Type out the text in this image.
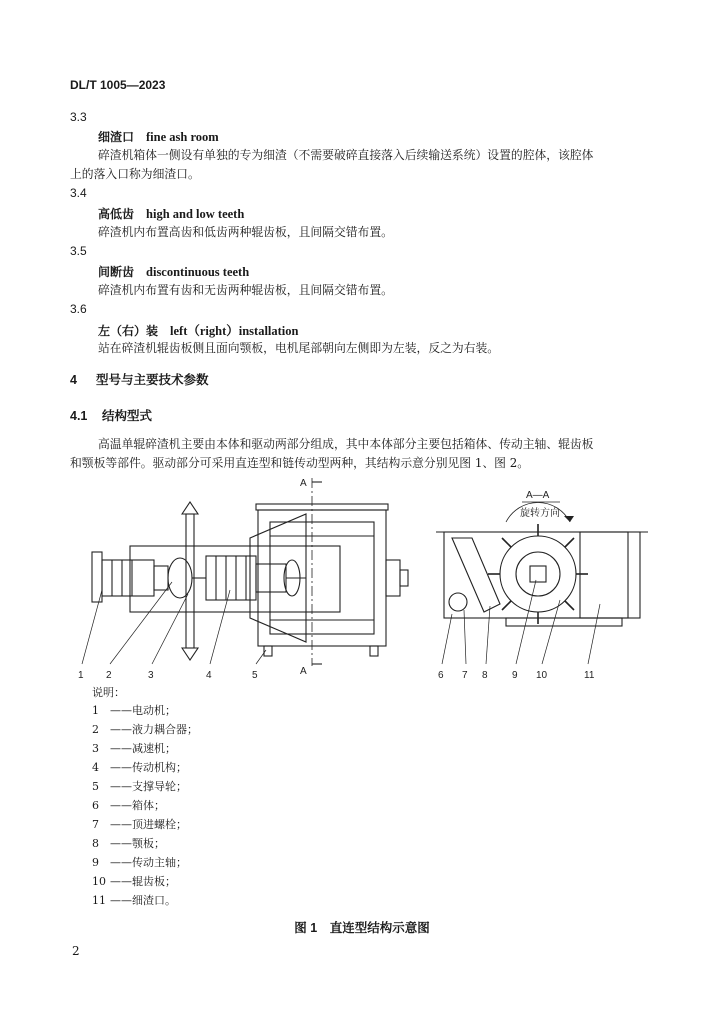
DL/T 1005—2023
3.3
细渣口 fine ash room
碎渣机箱体一侧设有单独的专为细渣（不需要破碎直接落入后续输送系统）设置的腔体，该腔体
上的落入口称为细渣口。
3.4
高低齿 high and low teeth
碎渣机内布置高齿和低齿两种辊齿板，且间隔交错布置。
3.5
间断齿 discontinuous teeth
碎渣机内布置有齿和无齿两种辊齿板，且间隔交错布置。
3.6
左（右）装 left（right）installation
站在碎渣机辊齿板侧且面向颚板，电机尾部朝向左侧即为左装，反之为右装。
4 型号与主要技术参数
4.1 结构型式
高温单辊碎渣机主要由本体和驱动两部分组成，其中本体部分主要包括箱体、传动主轴、辊齿板
和颚板等部件。驱动部分可采用直连型和链传动型两种，其结构示意分别见图 1、图 2。
A
A
1 2	3	4	5
A—A
旋转方向
6 7 8 9 10	11
说明：
1 ——电动机；
2 ——液力耦合器；
3 ——减速机；
4 ——传动机构；
5 ——支撑导轮；
6 ——箱体；
7 ——顶进螺栓；
8 ——颚板；
9 ——传动主轴；
10 ——辊齿板；
11 ——细渣口。
图 1　直连型结构示意图
2
